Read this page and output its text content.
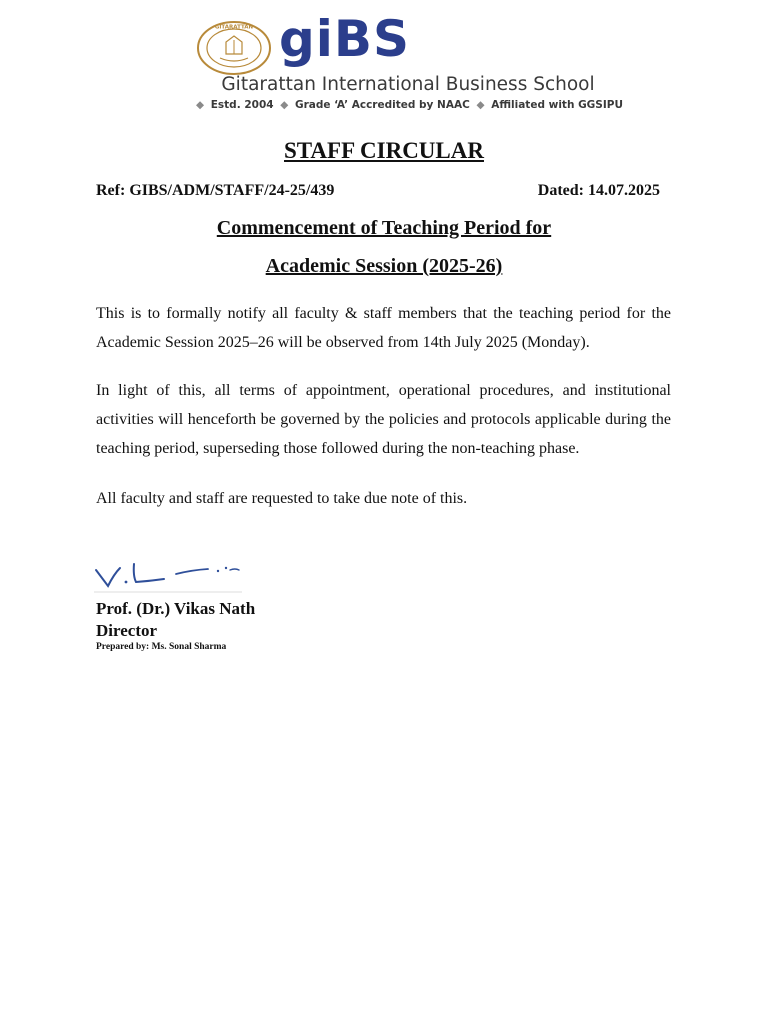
GITARATTAN giBS
Gitarattan International Business School
◆ Estd. 2004 ◆ Grade ‘A’ Accredited by NAAC ◆ Affiliated with GGSIPU
STAFF CIRCULAR
Ref: GIBS/ADM/STAFF/24-25/439	Dated: 14.07.2025
Commencement of Teaching Period for
Academic Session (2025-26)

This is to formally notify all faculty & staff members that the teaching period for the Academic Session 2025–26 will be observed from 14th July 2025 (Monday).

In light of this, all terms of appointment, operational procedures, and institutional activities will henceforth be governed by the policies and protocols applicable during the teaching period, superseding those followed during the non-teaching phase.

All faculty and staff are requested to take due note of this.

Prof. (Dr.) Vikas Nath
Director
Prepared by: Ms. Sonal Sharma
